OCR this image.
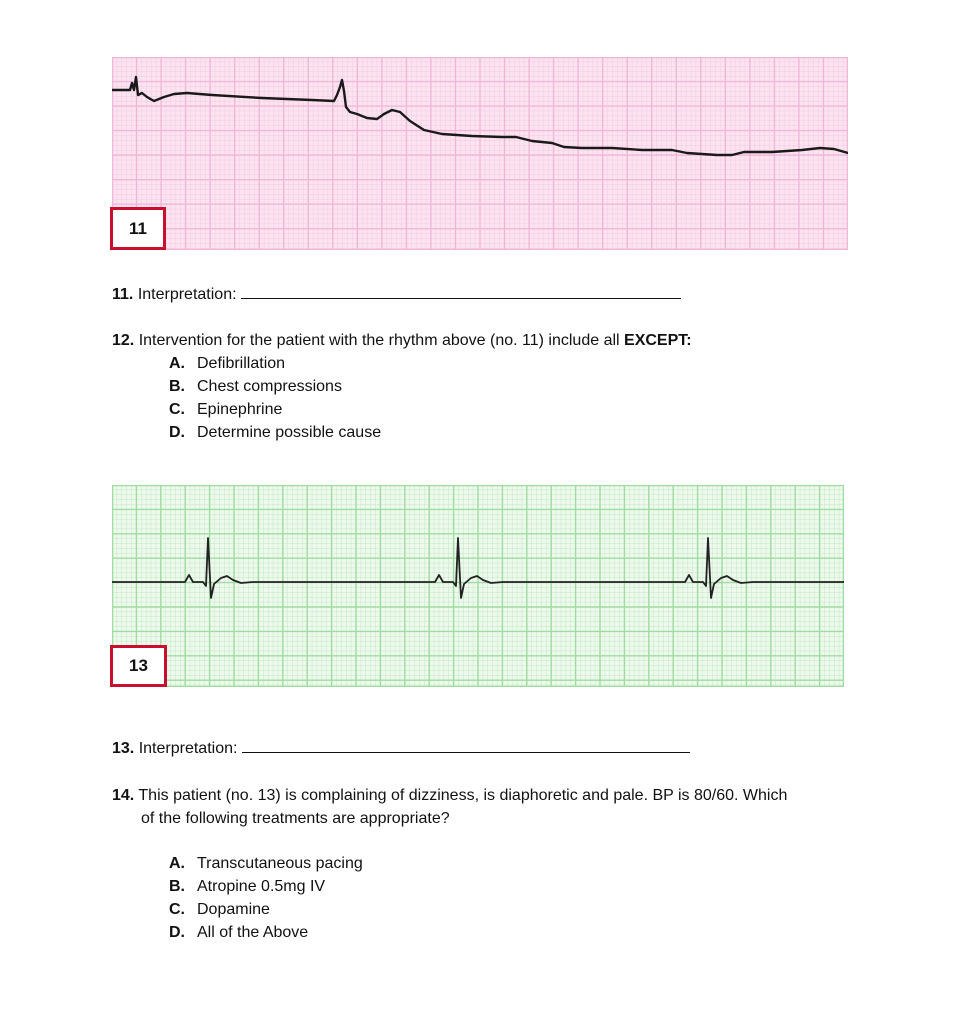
11
11. Interpretation:
12. Intervention for the patient with the rhythm above (no. 11) include all EXCEPT:
A. Defibrillation
B. Chest compressions
C. Epinephrine
D. Determine possible cause
13
13. Interpretation:
14. This patient (no. 13) is complaining of dizziness, is diaphoretic and pale. BP is 80/60. Which
of the following treatments are appropriate?
A. Transcutaneous pacing
B. Atropine 0.5mg IV
C. Dopamine
D. All of the Above
